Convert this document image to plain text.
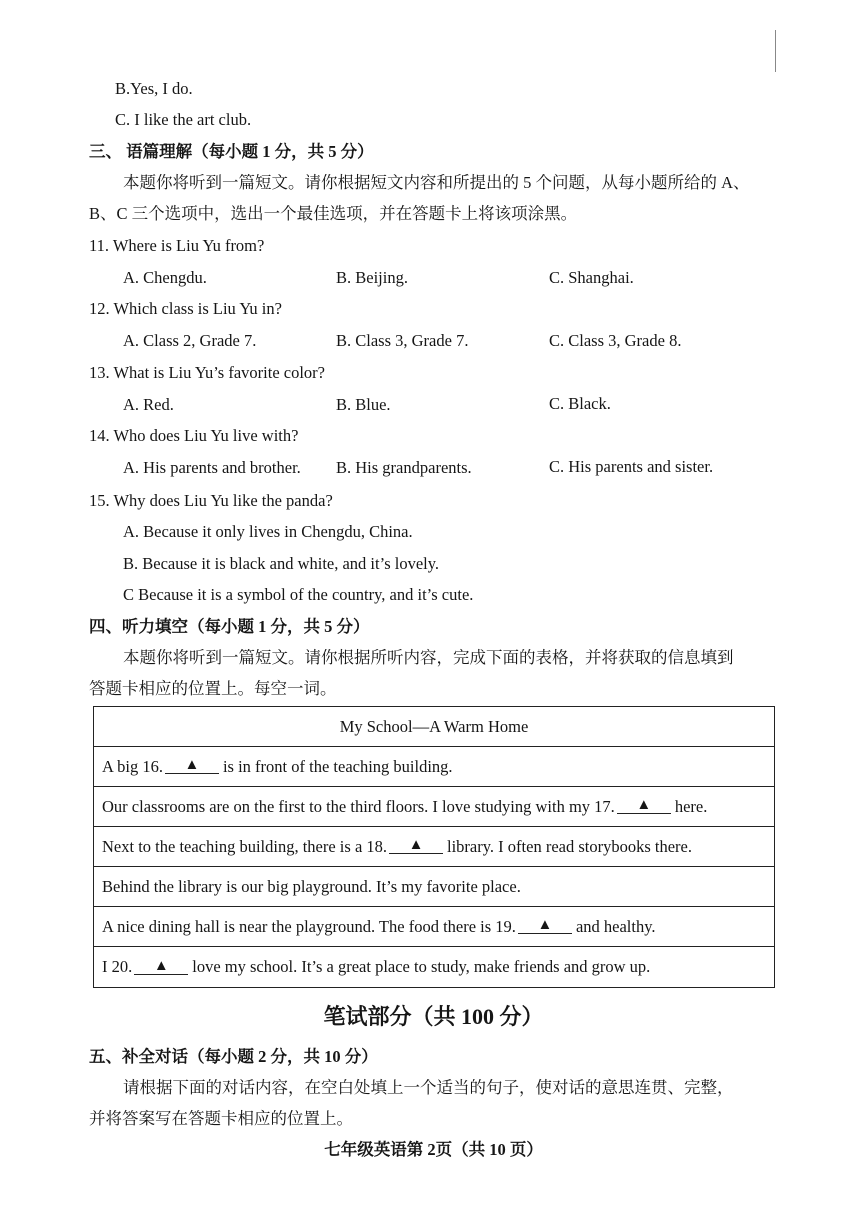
B.Yes, I do.
C. I like the art club.
三、 语篇理解（每小题 1 分，共 5 分）
本题你将听到一篇短文。请你根据短文内容和所提出的 5 个问题，从每小题所给的 A、
B、C 三个选项中，选出一个最佳选项，并在答题卡上将该项涂黑。
11. Where is Liu Yu from?
A. Chengdu.	B. Beijing.	C. Shanghai.
12. Which class is Liu Yu in?
A. Class 2, Grade 7.	B. Class 3, Grade 7.	C. Class 3, Grade 8.
13. What is Liu Yu’s favorite color?
A. Red.	B. Blue.	C. Black.
14. Who does Liu Yu live with?
A. His parents and brother. B. His grandparents.	C. His parents and sister.
15. Why does Liu Yu like the panda?
A. Because it only lives in Chengdu, China.
B. Because it is black and white, and it’s lovely.
C Because it is a symbol of the country, and it’s cute.
四、听力填空（每小题 1 分，共 5 分）
本题你将听到一篇短文。请你根据所听内容，完成下面的表格，并将获取的信息填到
答题卡相应的位置上。每空一词。
My School—A Warm Home
A big 16.	▲	is in front of the teaching building.
Our classrooms are on the first to the third floors. I love studying with my 17.	▲	here.
Next to the teaching building, there is a 18.	▲	library. I often read storybooks there.
Behind the library is our big playground. It’s my favorite place.
A nice dining hall is near the playground. The food there is 19.	▲	and healthy.
I 20.	▲	love my school. It’s a great place to study, make friends and grow up.
笔试部分（共 100 分）
五、补全对话（每小题 2 分，共 10 分）
请根据下面的对话内容，在空白处填上一个适当的句子，使对话的意思连贯、完整，
并将答案写在答题卡相应的位置上。
七年级英语第 2页（共 10 页）
